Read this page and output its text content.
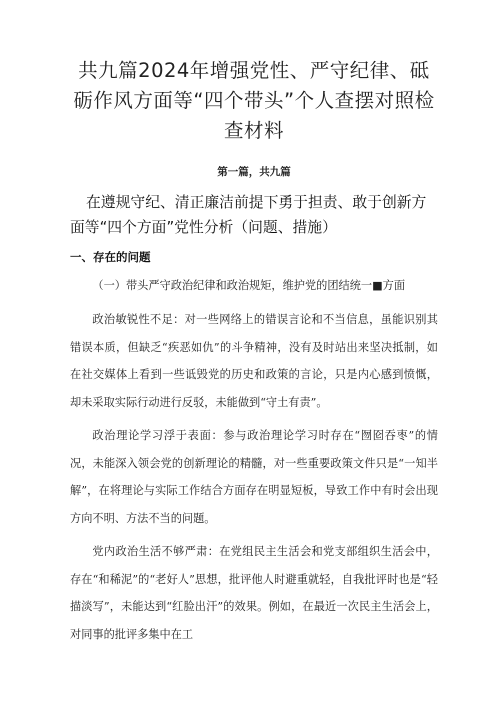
共九篇2024年增强党性、严守纪律、砥砺作风方面等“四个带头”个人查摆对照检查材料

第一篇，共九篇

在遵规守纪、清正廉洁前提下勇于担责、敢于创新方面等“四个方面”党性分析（问题、措施）
一、存在的问题

（一）带头严守政治纪律和政治规矩，维护党的团结统一■方面

政治敏锐性不足：对一些网络上的错误言论和不当信息，虽能识别其错误本质，但缺乏“疾恶如仇”的斗争精神，没有及时站出来坚决抵制，如在社交媒体上看到一些诋毁党的历史和政策的言论，只是内心感到愤慨，却未采取实际行动进行反驳，未能做到“守土有责”。

政治理论学习浮于表面：参与政治理论学习时存在“囫囵吞枣”的情况，未能深入领会党的创新理论的精髓，对一些重要政策文件只是“一知半解”，在将理论与实际工作结合方面存在明显短板，导致工作中有时会出现方向不明、方法不当的问题。

党内政治生活不够严肃：在党组民主生活会和党支部组织生活会中，存在“和稀泥”的“老好人”思想，批评他人时避重就轻，自我批评时也是“轻描淡写”，未能达到“红脸出汗”的效果。例如，在最近一次民主生活会上，对同事的批评多集中在工
